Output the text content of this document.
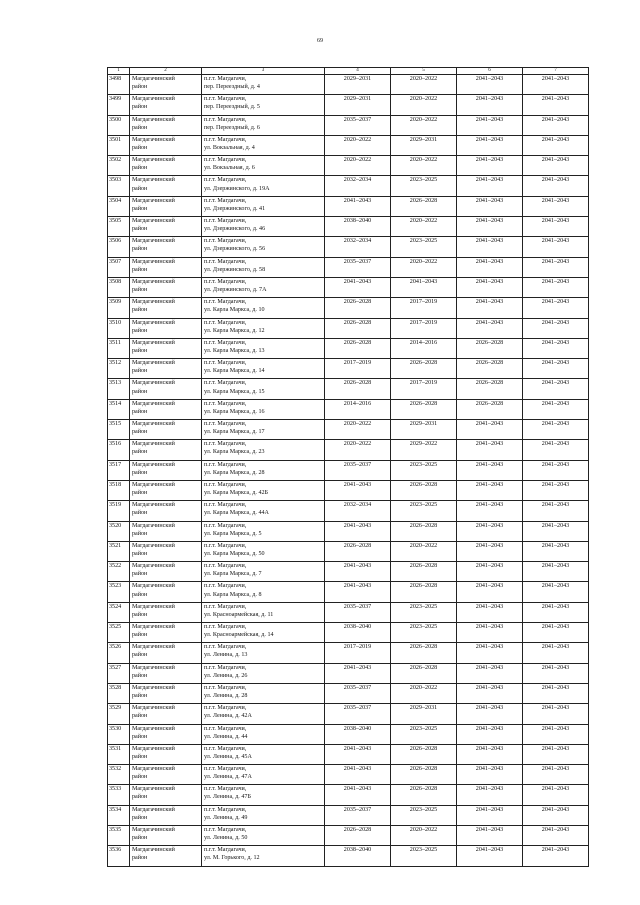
69
1	2	3	4	5	6	7
3498	Магдагачинский
район	п.г.т. Магдагачи,
пер. Переездный, д. 4	2029–2031	2020–2022	2041–2043	2041–2043
3499	Магдагачинский
район	п.г.т. Магдагачи,
пер. Переездный, д. 5	2029–2031	2020–2022	2041–2043	2041–2043
3500	Магдагачинский
район	п.г.т. Магдагачи,
пер. Переездный, д. 6	2035–2037	2020–2022	2041–2043	2041–2043
3501	Магдагачинский
район	п.г.т. Магдагачи,
ул. Вокзальная, д. 4	2020–2022	2029–2031	2041–2043	2041–2043
3502	Магдагачинский
район	п.г.т. Магдагачи,
ул. Вокзальная, д. 6	2020–2022	2020–2022	2041–2043	2041–2043
3503	Магдагачинский
район	п.г.т. Магдагачи,
ул. Дзержинского, д. 19А	2032–2034	2023–2025	2041–2043	2041–2043
3504	Магдагачинский
район	п.г.т. Магдагачи,
ул. Дзержинского, д. 41	2041–2043	2026–2028	2041–2043	2041–2043
3505	Магдагачинский
район	п.г.т. Магдагачи,
ул. Дзержинского, д. 46	2038–2040	2020–2022	2041–2043	2041–2043
3506	Магдагачинский
район	п.г.т. Магдагачи,
ул. Дзержинского, д. 56	2032–2034	2023–2025	2041–2043	2041–2043
3507	Магдагачинский
район	п.г.т. Магдагачи,
ул. Дзержинского, д. 58	2035–2037	2020–2022	2041–2043	2041–2043
3508	Магдагачинский
район	п.г.т. Магдагачи,
ул. Дзержинского, д. 7А	2041–2043	2041–2043	2041–2043	2041–2043
3509	Магдагачинский
район	п.г.т. Магдагачи,
ул. Карла Маркса, д. 10	2026–2028	2017–2019	2041–2043	2041–2043
3510	Магдагачинский
район	п.г.т. Магдагачи,
ул. Карла Маркса, д. 12	2026–2028	2017–2019	2041–2043	2041–2043
3511	Магдагачинский
район	п.г.т. Магдагачи,
ул. Карла Маркса, д. 13	2026–2028	2014–2016	2026–2028	2041–2043
3512	Магдагачинский
район	п.г.т. Магдагачи,
ул. Карла Маркса, д. 14	2017–2019	2026–2028	2026–2028	2041–2043
3513	Магдагачинский
район	п.г.т. Магдагачи,
ул. Карла Маркса, д. 15	2026–2028	2017–2019	2026–2028	2041–2043
3514	Магдагачинский
район	п.г.т. Магдагачи,
ул. Карла Маркса, д. 16	2014–2016	2026–2028	2026–2028	2041–2043
3515	Магдагачинский
район	п.г.т. Магдагачи,
ул. Карла Маркса, д. 17	2020–2022	2029–2031	2041–2043	2041–2043
3516	Магдагачинский
район	п.г.т. Магдагачи,
ул. Карла Маркса, д. 23	2020–2022	2029–2022	2041–2043	2041–2043
3517	Магдагачинский
район	п.г.т. Магдагачи,
ул. Карла Маркса, д. 28	2035–2037	2023–2025	2041–2043	2041–2043
3518	Магдагачинский
район	п.г.т. Магдагачи,
ул. Карла Маркса, д. 42Б	2041–2043	2026–2028	2041–2043	2041–2043
3519	Магдагачинский
район	п.г.т. Магдагачи,
ул. Карла Маркса, д. 44А	2032–2034	2023–2025	2041–2043	2041–2043
3520	Магдагачинский
район	п.г.т. Магдагачи,
ул. Карла Маркса, д. 5	2041–2043	2026–2028	2041–2043	2041–2043
3521	Магдагачинский
район	п.г.т. Магдагачи,
ул. Карла Маркса, д. 50	2026–2028	2020–2022	2041–2043	2041–2043
3522	Магдагачинский
район	п.г.т. Магдагачи,
ул. Карла Маркса, д. 7	2041–2043	2026–2028	2041–2043	2041–2043
3523	Магдагачинский
район	п.г.т. Магдагачи,
ул. Карла Маркса, д. 8	2041–2043	2026–2028	2041–2043	2041–2043
3524	Магдагачинский
район	п.г.т. Магдагачи,
ул. Красноармейская, д. 11	2035–2037	2023–2025	2041–2043	2041–2043
3525	Магдагачинский
район	п.г.т. Магдагачи,
ул. Красноармейская, д. 14	2038–2040	2023–2025	2041–2043	2041–2043
3526	Магдагачинский
район	п.г.т. Магдагачи,
ул. Ленина, д. 13	2017–2019	2026–2028	2041–2043	2041–2043
3527	Магдагачинский
район	п.г.т. Магдагачи,
ул. Ленина, д. 26	2041–2043	2026–2028	2041–2043	2041–2043
3528	Магдагачинский
район	п.г.т. Магдагачи,
ул. Ленина, д. 28	2035–2037	2020–2022	2041–2043	2041–2043
3529	Магдагачинский
район	п.г.т. Магдагачи,
ул. Ленина, д. 42А	2035–2037	2029–2031	2041–2043	2041–2043
3530	Магдагачинский
район	п.г.т. Магдагачи,
ул. Ленина, д. 44	2038–2040	2023–2025	2041–2043	2041–2043
3531	Магдагачинский
район	п.г.т. Магдагачи,
ул. Ленина, д. 45А	2041–2043	2026–2028	2041–2043	2041–2043
3532	Магдагачинский
район	п.г.т. Магдагачи,
ул. Ленина, д. 47А	2041–2043	2026–2028	2041–2043	2041–2043
3533	Магдагачинский
район	п.г.т. Магдагачи,
ул. Ленина, д. 47Б	2041–2043	2026–2028	2041–2043	2041–2043
3534	Магдагачинский
район	п.г.т. Магдагачи,
ул. Ленина, д. 49	2035–2037	2023–2025	2041–2043	2041–2043
3535	Магдагачинский
район	п.г.т. Магдагачи,
ул. Ленина, д. 50	2026–2028	2020–2022	2041–2043	2041–2043
3536	Магдагачинский
район	п.г.т. Магдагачи,
ул. М. Горького, д. 12	2038–2040	2023–2025	2041–2043	2041–2043
